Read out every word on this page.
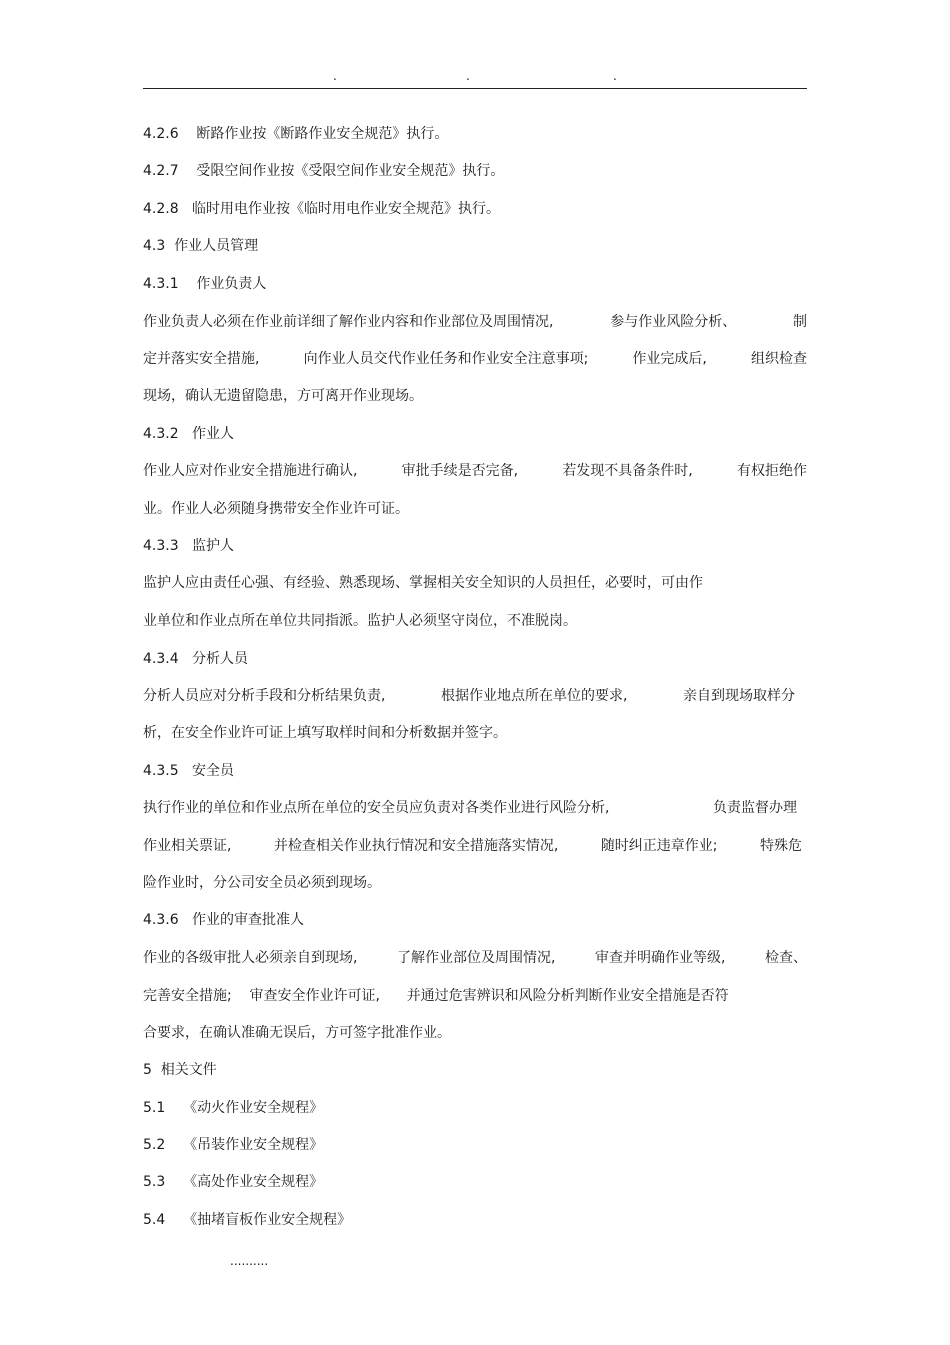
.	.	.
4.2.6    断路作业按《断路作业安全规范》执行。
4.2.7    受限空间作业按《受限空间作业安全规范》执行。
4.2.8   临时用电作业按《临时用电作业安全规范》执行。
4.3  作业人员管理
4.3.1    作业负责人
作业负责人必须在作业前详细了解作业内容和作业部位及周围情况,	参与作业风险分析、	制
定并落实安全措施,	向作业人员交代作业任务和作业安全注意事项;	作业完成后,	组织检查
现场，确认无遗留隐患，方可离开作业现场。
4.3.2   作业人
作业人应对作业安全措施进行确认,	审批手续是否完备,	若发现不具备条件时,	有权拒绝作
业。作业人必须随身携带安全作业许可证。
4.3.3   监护人
监护人应由责任心强、有经验、熟悉现场、掌握相关安全知识的人员担任，必要时，可由作
业单位和作业点所在单位共同指派。监护人必须坚守岗位，不准脱岗。
4.3.4   分析人员
分析人员应对分析手段和分析结果负责,	根据作业地点所在单位的要求,	亲自到现场取样分
析，在安全作业许可证上填写取样时间和分析数据并签字。
4.3.5   安全员
执行作业的单位和作业点所在单位的安全员应负责对各类作业进行风险分析,	负责监督办理
作业相关票证,	并检查相关作业执行情况和安全措施落实情况,	随时纠正违章作业;	特殊危
险作业时，分公司安全员必须到现场。
4.3.6   作业的审查批准人
作业的各级审批人必须亲自到现场,	了解作业部位及周围情况,	审查并明确作业等级,	检查、
完善安全措施;    审查安全作业许可证,      并通过危害辨识和风险分析判断作业安全措施是否符
合要求，在确认准确无误后，方可签字批准作业。
5  相关文件
5.1    《动火作业安全规程》
5.2    《吊装作业安全规程》
5.3    《高处作业安全规程》
5.4    《抽堵盲板作业安全规程》
..........
